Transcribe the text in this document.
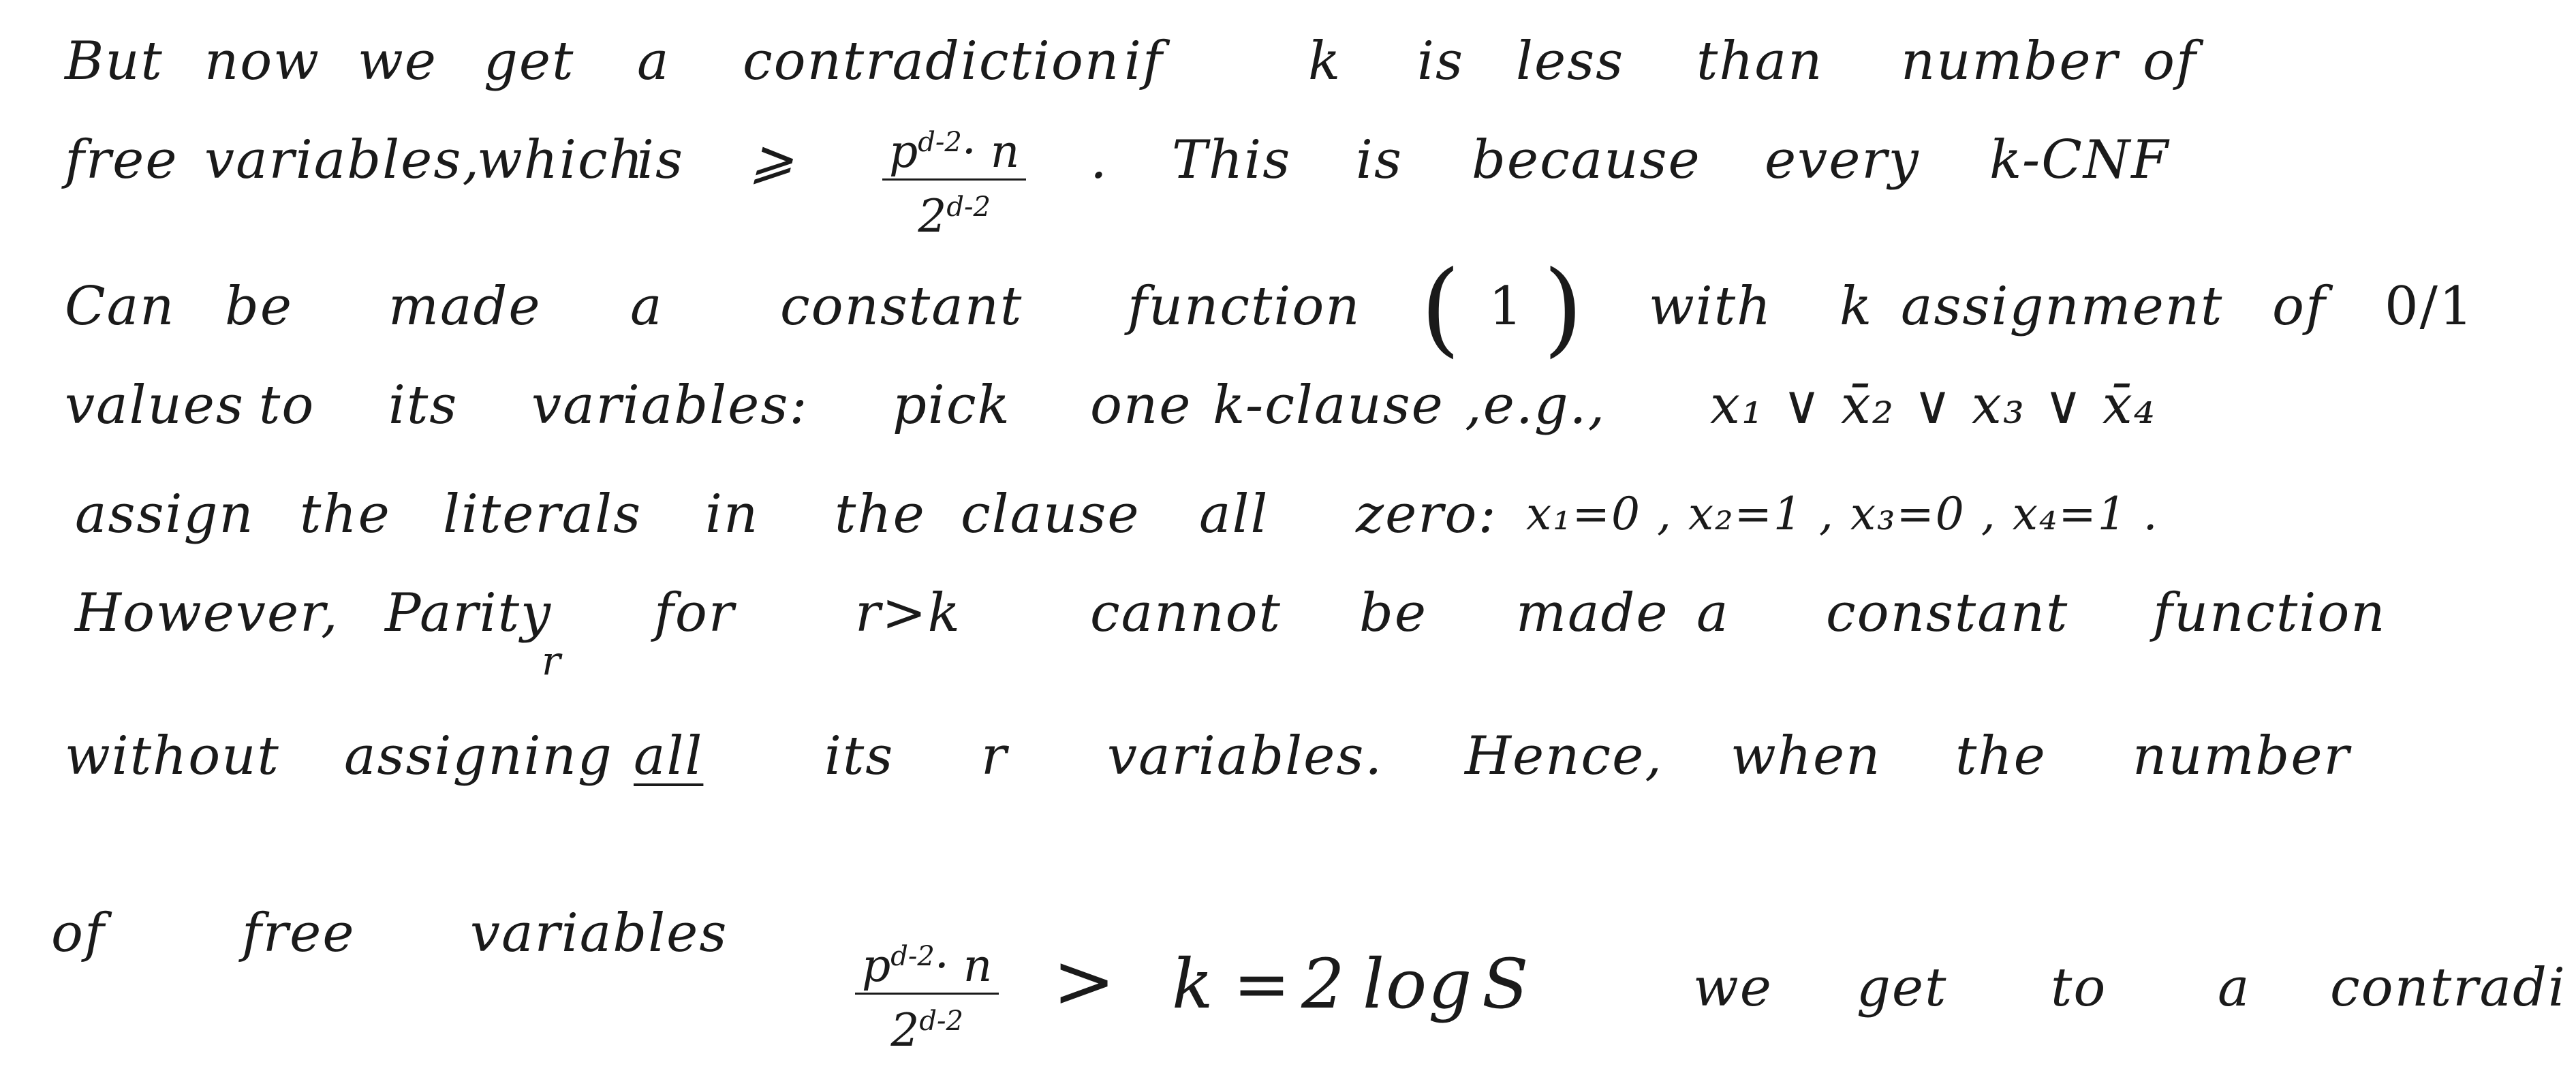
But now we get a contradiction if	k is less than number of
free variables,
which
is ⩾ $\frac{p^{d-2}\cdot n}{2^{d-2}}$ . This is because every k-CNF
Can be made a constant function ( 1 ) with k assignment of 0/1
values to its variables: pick one k-clause ,e.g., x₁ ∨ x̄₂ ∨ x₃ ∨ x̄₄
assign the literals in the clause all zero: x₁=0 , x₂=1 , x₃=0 , x₄=1 .
However, Parity
r
for r>k cannot be made a constant function
without assigning all its r variables. Hence, when the number
of	free variables	$\frac{p^{d-2}\cdot n}{2^{d-2}} > k = 2$ log S	we get to a contradi
